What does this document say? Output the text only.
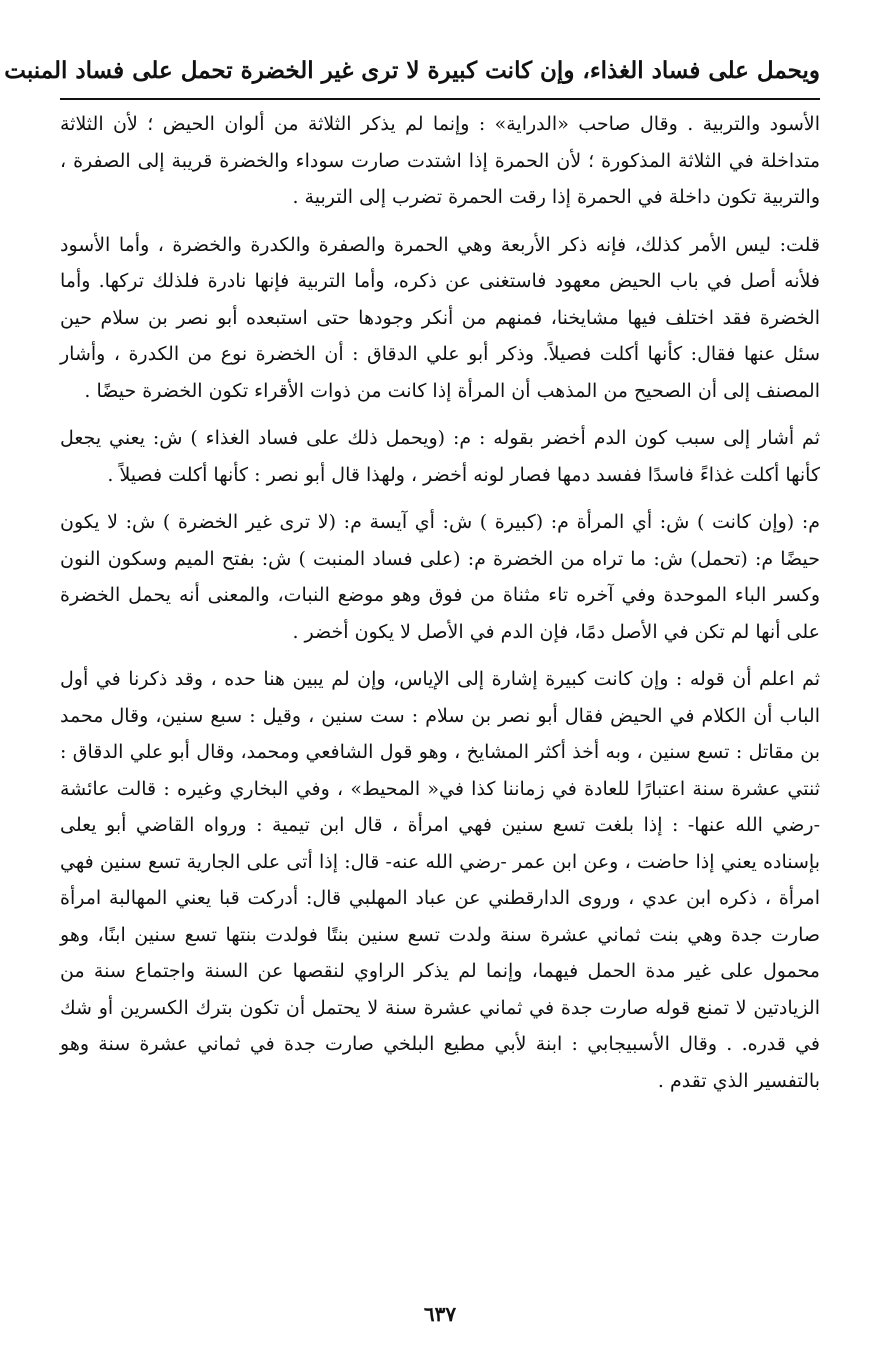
ويحمل على فساد الغذاء، وإن كانت كبيرة لا ترى غير الخضرة تحمل على فساد المنبت

الأسود والتربية . وقال صاحب «الدراية» : وإنما لم يذكر الثلاثة من ألوان الحيض ؛ لأن الثلاثة متداخلة في الثلاثة المذكورة ؛ لأن الحمرة إذا اشتدت صارت سوداء والخضرة قريبة إلى الصفرة ، والتربية تكون داخلة في الحمرة إذا رقت الحمرة تضرب إلى التربية .

قلت: ليس الأمر كذلك، فإنه ذكر الأربعة وهي الحمرة والصفرة والكدرة والخضرة ، وأما الأسود فلأنه أصل في باب الحيض معهود فاستغنى عن ذكره، وأما التربية فإنها نادرة فلذلك تركها. وأما الخضرة فقد اختلف فيها مشايخنا، فمنهم من أنكر وجودها حتى استبعده أبو نصر بن سلام حين سئل عنها فقال: كأنها أكلت فصيلاً. وذكر أبو علي الدقاق : أن الخضرة نوع من الكدرة ، وأشار المصنف إلى أن الصحيح من المذهب أن المرأة إذا كانت من ذوات الأقراء تكون الخضرة حيضًا .

ثم أشار إلى سبب كون الدم أخضر بقوله : م: (ويحمل ذلك على فساد الغذاء ) ش: يعني يجعل كأنها أكلت غذاءً فاسدًا ففسد دمها فصار لونه أخضر ، ولهذا قال أبو نصر : كأنها أكلت فصيلاً .

م: (وإن كانت ) ش: أي المرأة م: (كبيرة ) ش: أي آيسة م: (لا ترى غير الخضرة ) ش: لا يكون حيضًا م: (تحمل) ش: ما تراه من الخضرة م: (على فساد المنبت ) ش: بفتح الميم وسكون النون وكسر الباء الموحدة وفي آخره تاء مثناة من فوق وهو موضع النبات، والمعنى أنه يحمل الخضرة على أنها لم تكن في الأصل دمًا، فإن الدم في الأصل لا يكون أخضر .

ثم اعلم أن قوله : وإن كانت كبيرة إشارة إلى الإياس، وإن لم يبين هنا حده ، وقد ذكرنا في أول الباب أن الكلام في الحيض فقال أبو نصر بن سلام : ست سنين ، وقيل : سبع سنين، وقال محمد بن مقاتل : تسع سنين ، وبه أخذ أكثر المشايخ ، وهو قول الشافعي ومحمد، وقال أبو علي الدقاق : ثنتي عشرة سنة اعتبارًا للعادة في زماننا كذا في« المحيط» ، وفي البخاري وغيره : قالت عائشة -رضي الله عنها- : إذا بلغت تسع سنين فهي امرأة ، قال ابن تيمية : ورواه القاضي أبو يعلى بإسناده يعني إذا حاضت ، وعن ابن عمر -رضي الله عنه- قال: إذا أتى على الجارية تسع سنين فهي امرأة ، ذكره ابن عدي ، وروى الدارقطني عن عباد المهلبي قال: أدركت قبا يعني المهالبة امرأة صارت جدة وهي بنت ثماني عشرة سنة ولدت تسع سنين بنتًا فولدت بنتها تسع سنين ابنًا، وهو محمول على غير مدة الحمل فيهما، وإنما لم يذكر الراوي لنقصها عن السنة واجتماع سنة من الزيادتين لا تمنع قوله صارت جدة في ثماني عشرة سنة لا يحتمل أن تكون بترك الكسرين أو شك في قدره. . وقال الأسبيجابي : ابنة لأبي مطيع البلخي صارت جدة في ثماني عشرة سنة وهو بالتفسير الذي تقدم .

٦٣٧
